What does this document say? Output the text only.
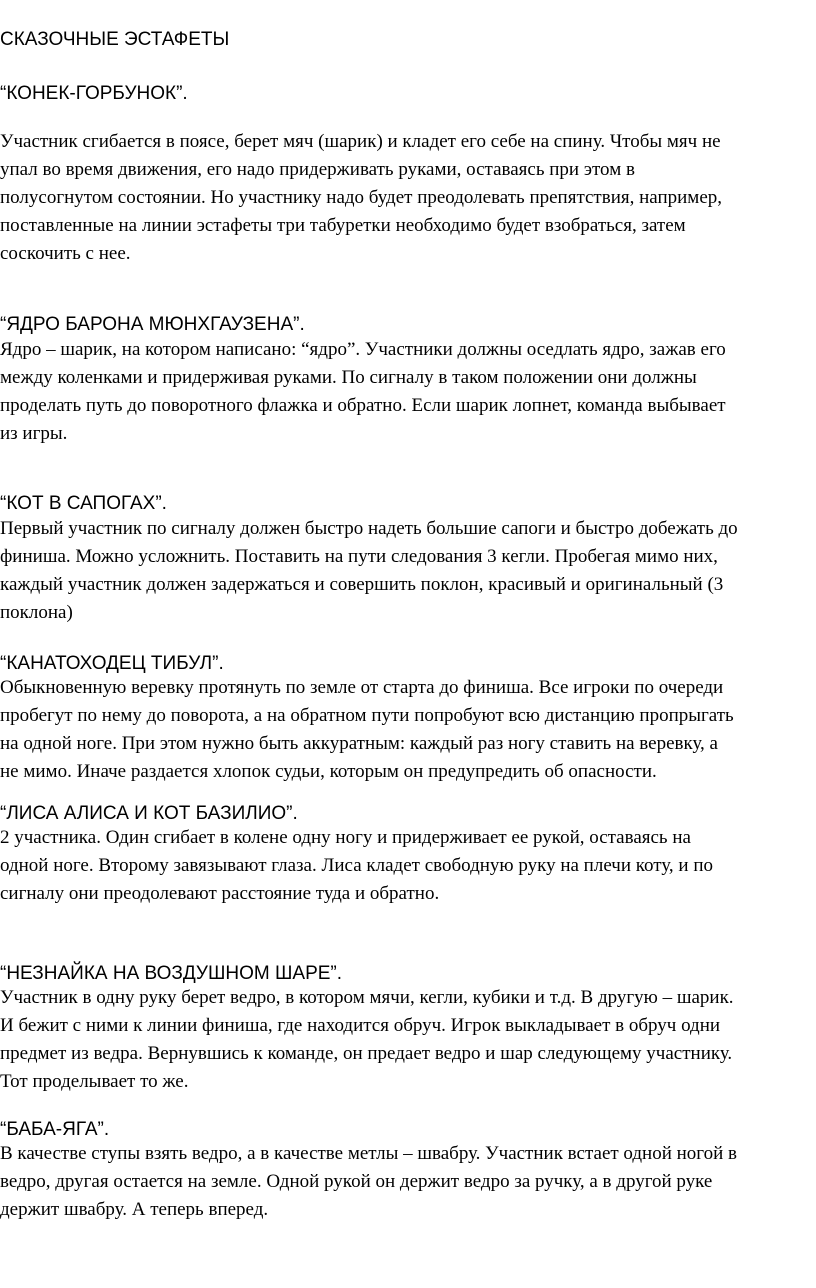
СКАЗОЧНЫЕ ЭСТАФЕТЫ
“КОНЕК-ГОРБУНОК”.
Участник сгибается в поясе, берет мяч (шарик) и кладет его себе на спину. Чтобы мяч не
упал во время движения, его надо придерживать руками, оставаясь при этом в
полусогнутом состоянии. Но участнику надо будет преодолевать препятствия, например,
поставленные на линии эстафеты три табуретки необходимо будет взобраться, затем
соскочить с нее.
“ЯДРО БАРОНА МЮНХГАУЗЕНА”.
Ядро – шарик, на котором написано: “ядро”. Участники должны оседлать ядро, зажав его
между коленками и придерживая руками. По сигналу в таком положении они должны
проделать путь до поворотного флажка и обратно. Если шарик лопнет, команда выбывает
из игры.
“КОТ В САПОГАХ”.
Первый участник по сигналу должен быстро надеть большие сапоги и быстро добежать до
финиша. Можно усложнить. Поставить на пути следования 3 кегли. Пробегая мимо них,
каждый участник должен задержаться и совершить поклон, красивый и оригинальный (3
поклона)
“КАНАТОХОДЕЦ ТИБУЛ”.
Обыкновенную веревку протянуть по земле от старта до финиша. Все игроки по очереди
пробегут по нему до поворота, а на обратном пути попробуют всю дистанцию пропрыгать
на одной ноге. При этом нужно быть аккуратным: каждый раз ногу ставить на веревку, а
не мимо. Иначе раздается хлопок судьи, которым он предупредить об опасности.
“ЛИСА АЛИСА И КОТ БАЗИЛИО”.
2 участника. Один сгибает в колене одну ногу и придерживает ее рукой, оставаясь на
одной ноге. Второму завязывают глаза. Лиса кладет свободную руку на плечи коту, и по
сигналу они преодолевают расстояние туда и обратно.
“НЕЗНАЙКА НА ВОЗДУШНОМ ШАРЕ”.
Участник в одну руку берет ведро, в котором мячи, кегли, кубики и т.д. В другую – шарик.
И бежит с ними к линии финиша, где находится обруч. Игрок выкладывает в обруч одни
предмет из ведра. Вернувшись к команде, он предает ведро и шар следующему участнику.
Тот проделывает то же.
“БАБА-ЯГА”.
В качестве ступы взять ведро, а в качестве метлы – швабру. Участник встает одной ногой в
ведро, другая остается на земле. Одной рукой он держит ведро за ручку, а в другой руке
держит швабру. А теперь вперед.
